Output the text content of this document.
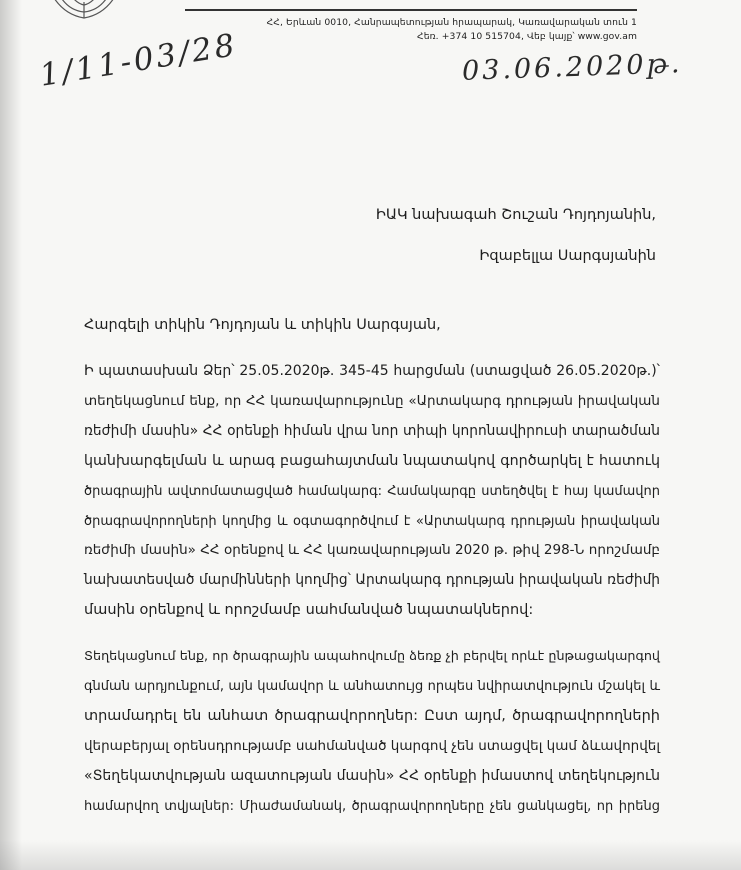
ՀՀ, Երևան 0010, Հանրապետության հրապարակ, Կառավարական տուն 1
Հեռ. +374 10 515704, Վեբ կայք՝ www.gov.am
1/11-03/28	03.06.2020թ.
ԻԱԿ նախագահ Շուշան Դոյդոյանին,
Իզաբելլա Սարգսյանին
Հարգելի տիկին Դոյդոյան և տիկին Սարգսյան,
Ի պատասխան Ձեր՝ 25.05.2020թ. 345-45 հարցման (ստացված 26.05.2020թ.)՝
տեղեկացնում ենք, որ ՀՀ կառավարությունը «Արտակարգ դրության իրավական
ռեժիմի մասին» ՀՀ օրենքի հիման վրա նոր տիպի կորոնավիրուսի տարածման
կանխարգելման և արագ բացահայտման նպատակով գործարկել է հատուկ
ծրագրային ավտոմատացված համակարգ: Համակարգը ստեղծվել է հայ կամավոր
ծրագրավորողների կողմից և օգտագործվում է «Արտակարգ դրության իրավական
ռեժիմի մասին» ՀՀ օրենքով և ՀՀ կառավարության 2020 թ. թիվ 298-Ն որոշմամբ
նախատեսված մարմինների կողմից՝ Արտակարգ դրության իրավական ռեժիմի
մասին օրենքով և որոշմամբ սահմանված նպատակներով:
Տեղեկացնում ենք, որ ծրագրային ապահովումը ձեռք չի բերվել որևէ ընթացակարգով
գնման արդյունքում, այն կամավոր և անհատույց որպես նվիրատվություն մշակել և
տրամադրել են անհատ ծրագրավորողներ: Ըստ այդմ, ծրագրավորողների
վերաբերյալ օրենսդրությամբ սահմանված կարգով չեն ստացվել կամ ձևավորվել
«Տեղեկատվության ազատության մասին» ՀՀ օրենքի իմաստով տեղեկություն
համարվող տվյալներ: Միաժամանակ, ծրագրավորողները չեն ցանկացել, որ իրենց
